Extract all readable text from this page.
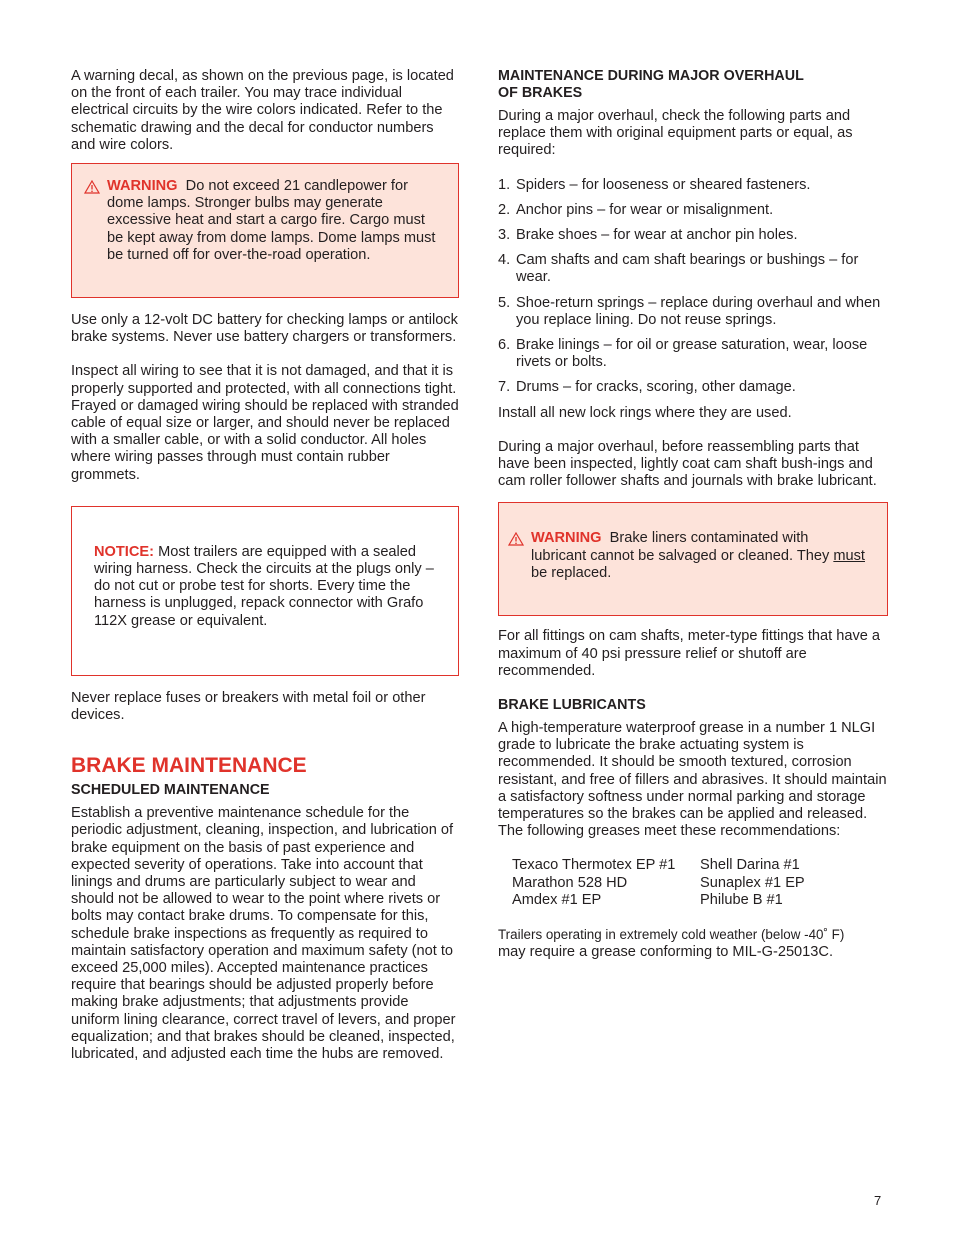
A warning decal, as shown on the previous page, is located on the front of each trailer. You may trace individual electrical circuits by the wire colors indicated. Refer to the schematic drawing and the decal for conductor numbers and wire colors.

WARNING Do not exceed 21 candlepower for dome lamps. Stronger bulbs may generate excessive heat and start a cargo fire. Cargo must be kept away from dome lamps. Dome lamps must be turned off for over-the-road operation.

Use only a 12-volt DC battery for checking lamps or antilock brake systems. Never use battery chargers or transformers.

Inspect all wiring to see that it is not damaged, and that it is properly supported and protected, with all connections tight. Frayed or damaged wiring should be replaced with stranded cable of equal size or larger, and should never be replaced with a smaller cable, or with a solid conductor. All holes where wiring passes through must contain rubber grommets.

NOTICE: Most trailers are equipped with a sealed wiring harness. Check the circuits at the plugs only – do not cut or probe test for shorts. Every time the harness is unplugged, repack connector with Grafo 112X grease or equivalent.

Never replace fuses or breakers with metal foil or other devices.

BRAKE MAINTENANCE
SCHEDULED MAINTENANCE

Establish a preventive maintenance schedule for the periodic adjustment, cleaning, inspection, and lubrication of brake equipment on the basis of past experience and expected severity of operations. Take into account that linings and drums are particularly subject to wear and should not be allowed to wear to the point where rivets or bolts may contact brake drums. To compensate for this, schedule brake inspections as frequently as required to maintain satisfactory operation and maximum safety (not to exceed 25,000 miles). Accepted maintenance practices require that bearings should be adjusted properly before making brake adjustments; that adjustments provide uniform lining clearance, correct travel of levers, and proper equalization; and that brakes should be cleaned, inspected, lubricated, and adjusted each time the hubs are removed.

MAINTENANCE DURING MAJOR OVERHAUL
OF BRAKES

During a major overhaul, check the following parts and replace them with original equipment parts or equal, as required:

1. Spiders – for looseness or sheared fasteners.
2. Anchor pins – for wear or misalignment.
3. Brake shoes – for wear at anchor pin holes.
4. Cam shafts and cam shaft bearings or bushings – for wear.
5. Shoe-return springs – replace during overhaul and when you replace lining. Do not reuse springs.
6. Brake linings – for oil or grease saturation, wear, loose rivets or bolts.
7. Drums – for cracks, scoring, other damage.

Install all new lock rings where they are used.

During a major overhaul, before reassembling parts that have been inspected, lightly coat cam shaft bush-ings and cam roller follower shafts and journals with brake lubricant.

WARNING Brake liners contaminated with lubricant cannot be salvaged or cleaned. They must be replaced.

For all fittings on cam shafts, meter-type fittings that have a maximum of 40 psi pressure relief or shutoff are recommended.

BRAKE LUBRICANTS

A high-temperature waterproof grease in a number 1 NLGI grade to lubricate the brake actuating system is recommended. It should be smooth textured, corrosion resistant, and free of fillers and abrasives. It should maintain a satisfactory softness under normal parking and storage temperatures so the brakes can be applied and released.

The following greases meet these recommendations:

Texaco Thermotex EP #1
Marathon 528 HD
Amdex #1 EP
Shell Darina #1
Sunaplex #1 EP
Philube B #1

Trailers operating in extremely cold weather (below -40˚ F)
may require a grease conforming to MIL-G-25013C.

7
